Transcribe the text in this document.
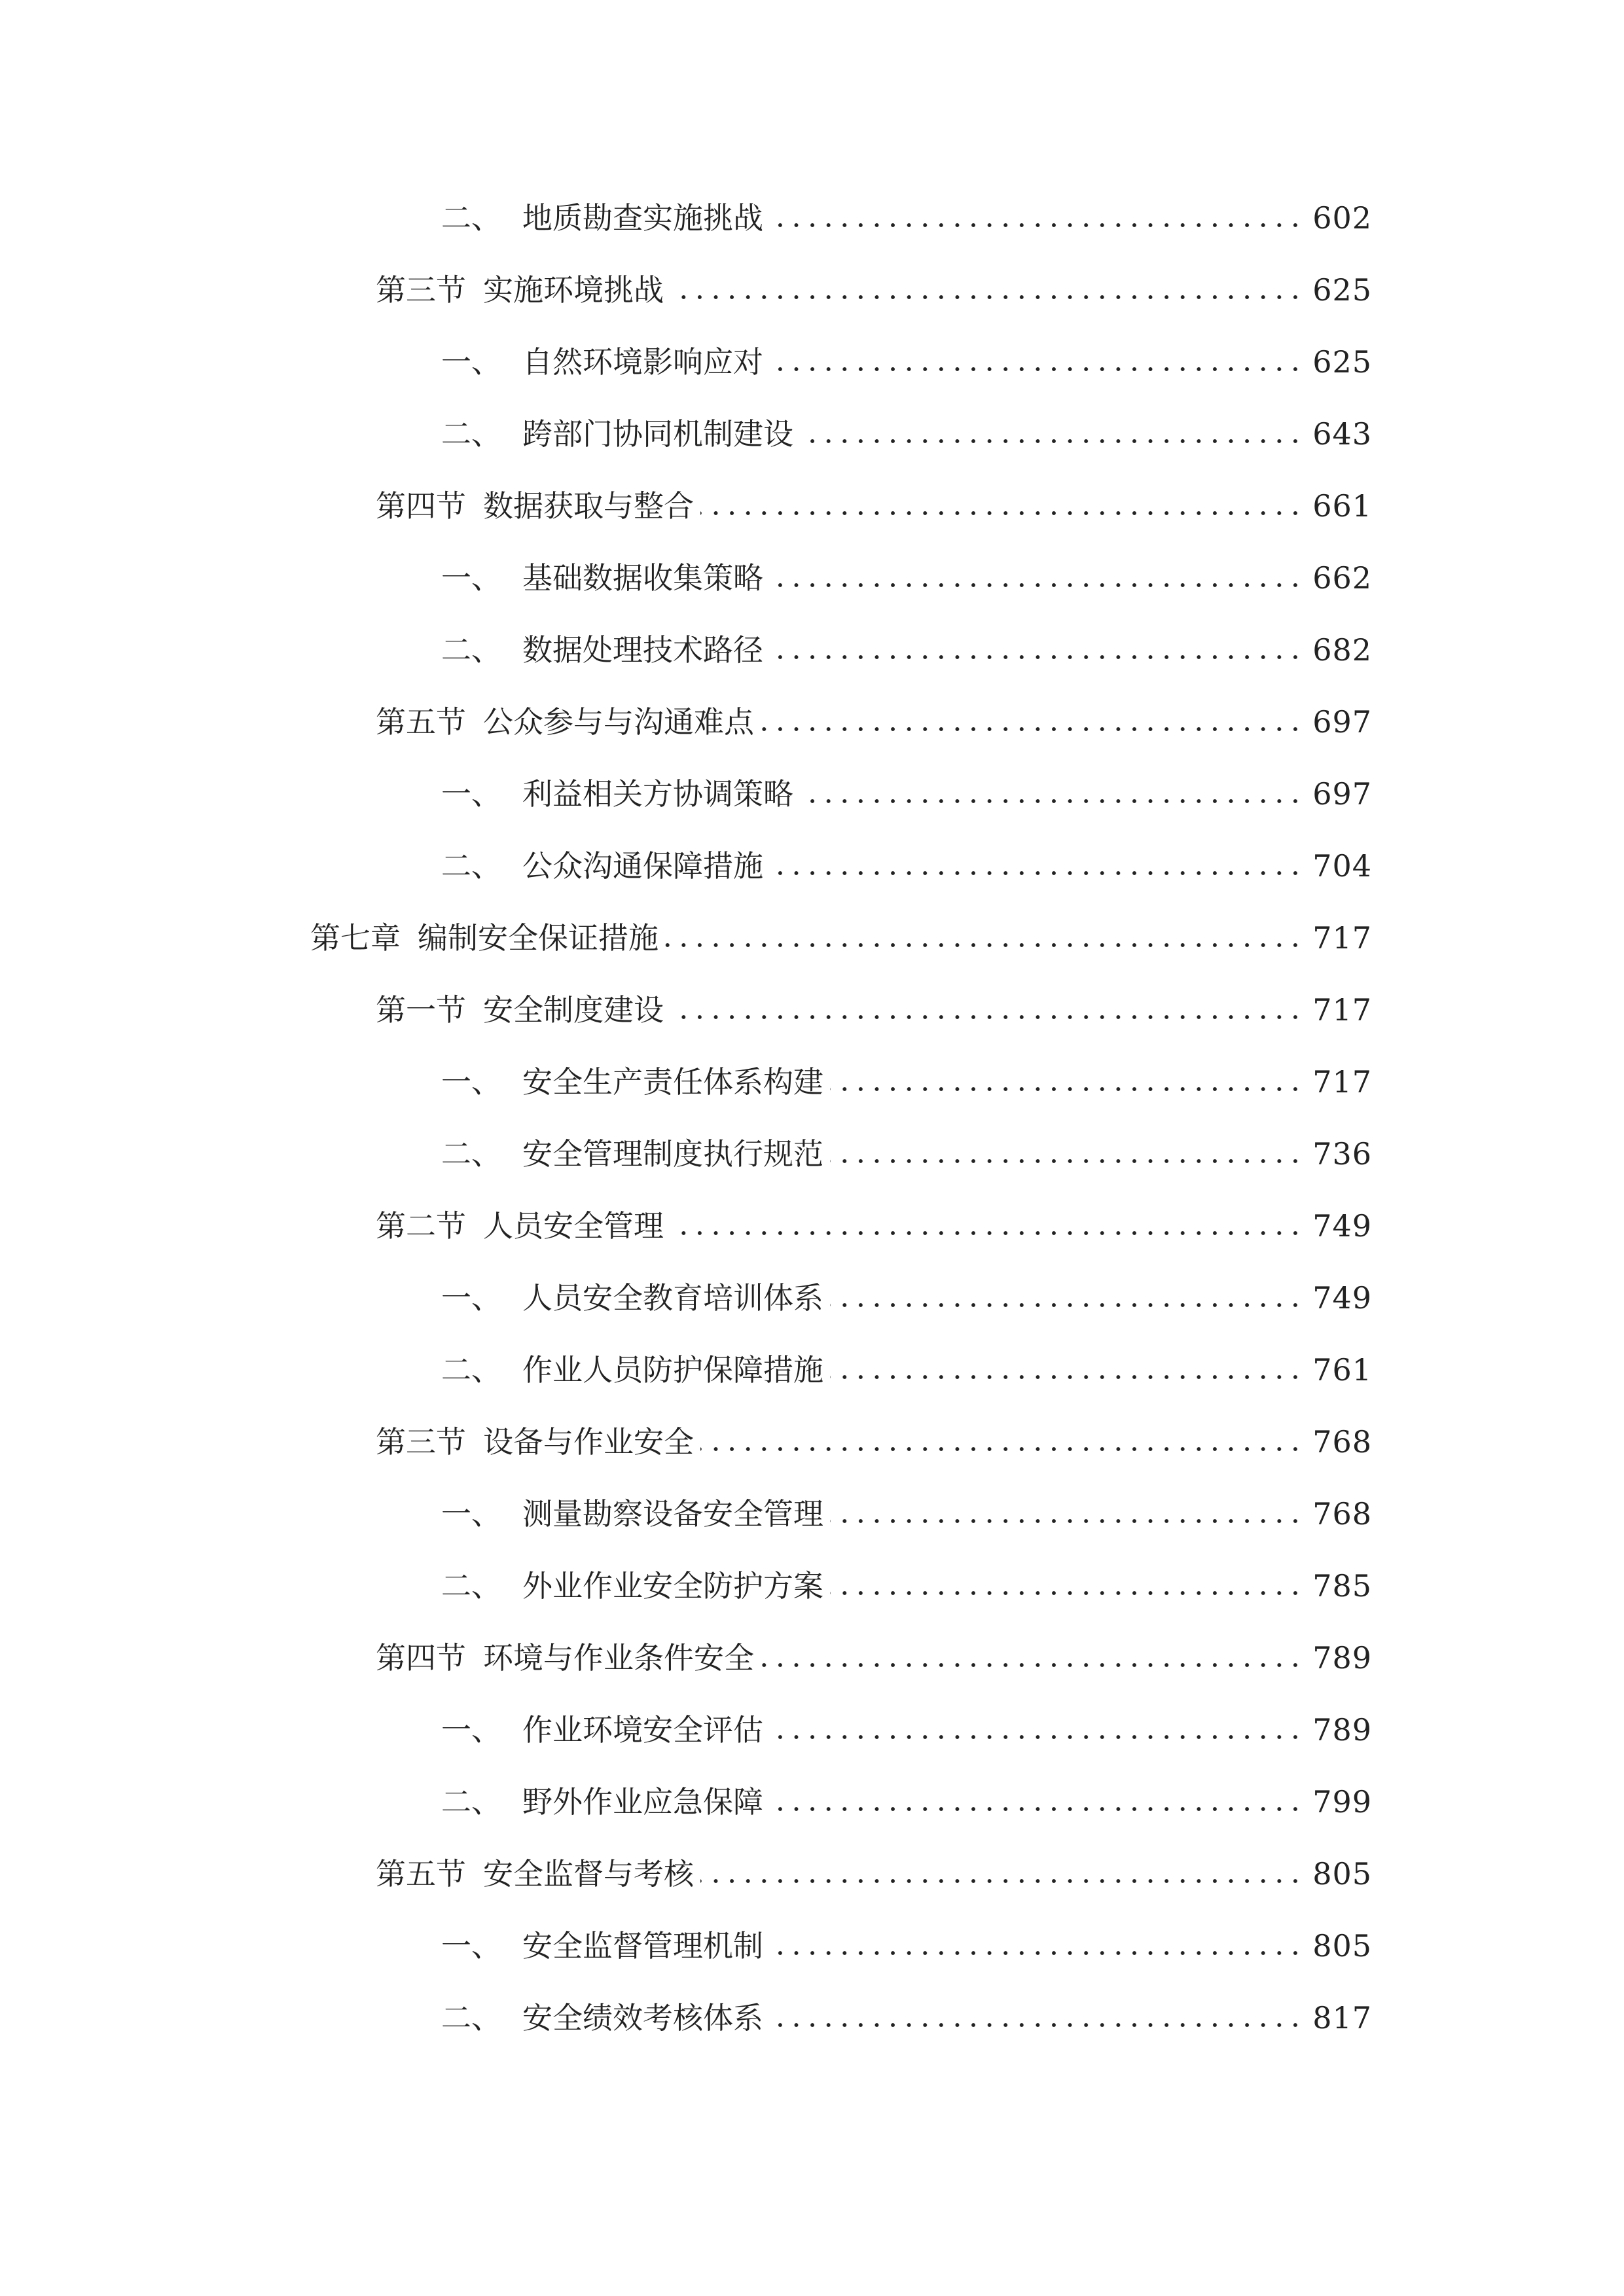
二、 地质勘查实施挑战	602
第三节 实施环境挑战	625
一、 自然环境影响应对	625
二、 跨部门协同机制建设	643
第四节 数据获取与整合	661
一、 基础数据收集策略	662
二、 数据处理技术路径	682
第五节 公众参与与沟通难点	697
一、 利益相关方协调策略	697
二、 公众沟通保障措施	704
第七章 编制安全保证措施	717
第一节 安全制度建设	717
一、 安全生产责任体系构建	717
二、 安全管理制度执行规范	736
第二节 人员安全管理	749
一、 人员安全教育培训体系	749
二、 作业人员防护保障措施	761
第三节 设备与作业安全	768
一、 测量勘察设备安全管理	768
二、 外业作业安全防护方案	785
第四节 环境与作业条件安全	789
一、 作业环境安全评估	789
二、 野外作业应急保障	799
第五节 安全监督与考核	805
一、 安全监督管理机制	805
二、 安全绩效考核体系	817
